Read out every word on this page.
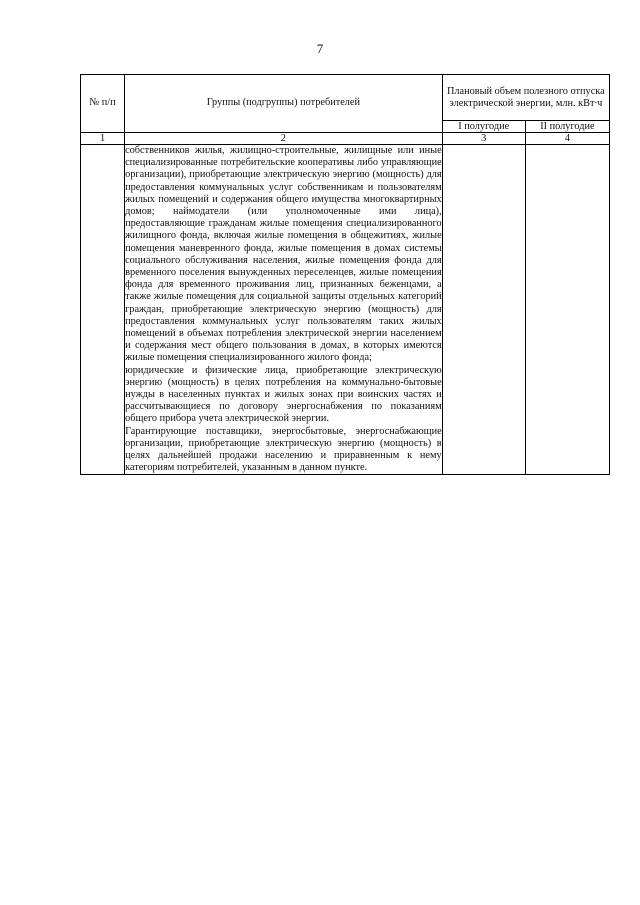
7
№ п/п	Группы (подгруппы) потребителей	Плановый объем полезного отпуска электрической энергии, млн. кВт∙ч	
		I полугодие	II полугодие
1	2	3	4

	собственников жилья, жилищно-строительные, жилищные или иные специализированные потребительские кооперативы либо управляющие организации), приобретающие электрическую энергию (мощность) для предоставления коммунальных услуг собственникам и пользователям жилых помещений и содержания общего имущества многоквартирных домов; наймодатели (или уполномоченные ими лица), предоставляющие гражданам жилые помещения специализированного жилищного фонда, включая жилые помещения в общежитиях, жилые помещения маневренного фонда, жилые помещения в домах системы социального обслуживания населения, жилые помещения фонда для временного поселения вынужденных переселенцев, жилые помещения фонда для временного проживания лиц, признанных беженцами, а также жилые помещения для социальной защиты отдельных категорий граждан, приобретающие электрическую энергию (мощность) для предоставления коммунальных услуг пользователям таких жилых помещений в объемах потребления электрической энергии населением и содержания мест общего пользования в домах, в которых имеются жилые помещения специализированного жилого фонда;

юридические и физические лица, приобретающие электрическую энергию (мощность) в целях потребления на коммунально-бытовые нужды в населенных пунктах и жилых зонах при воинских частях и рассчитывающиеся по договору энергоснабжения по показаниям общего прибора учета электрической энергии.

Гарантирующие поставщики, энергосбытовые, энергоснабжающие организации, приобретающие электрическую энергию (мощность) в целях дальнейшей продажи населению и приравненным к нему категориям потребителей, указанным в данном пункте.		
